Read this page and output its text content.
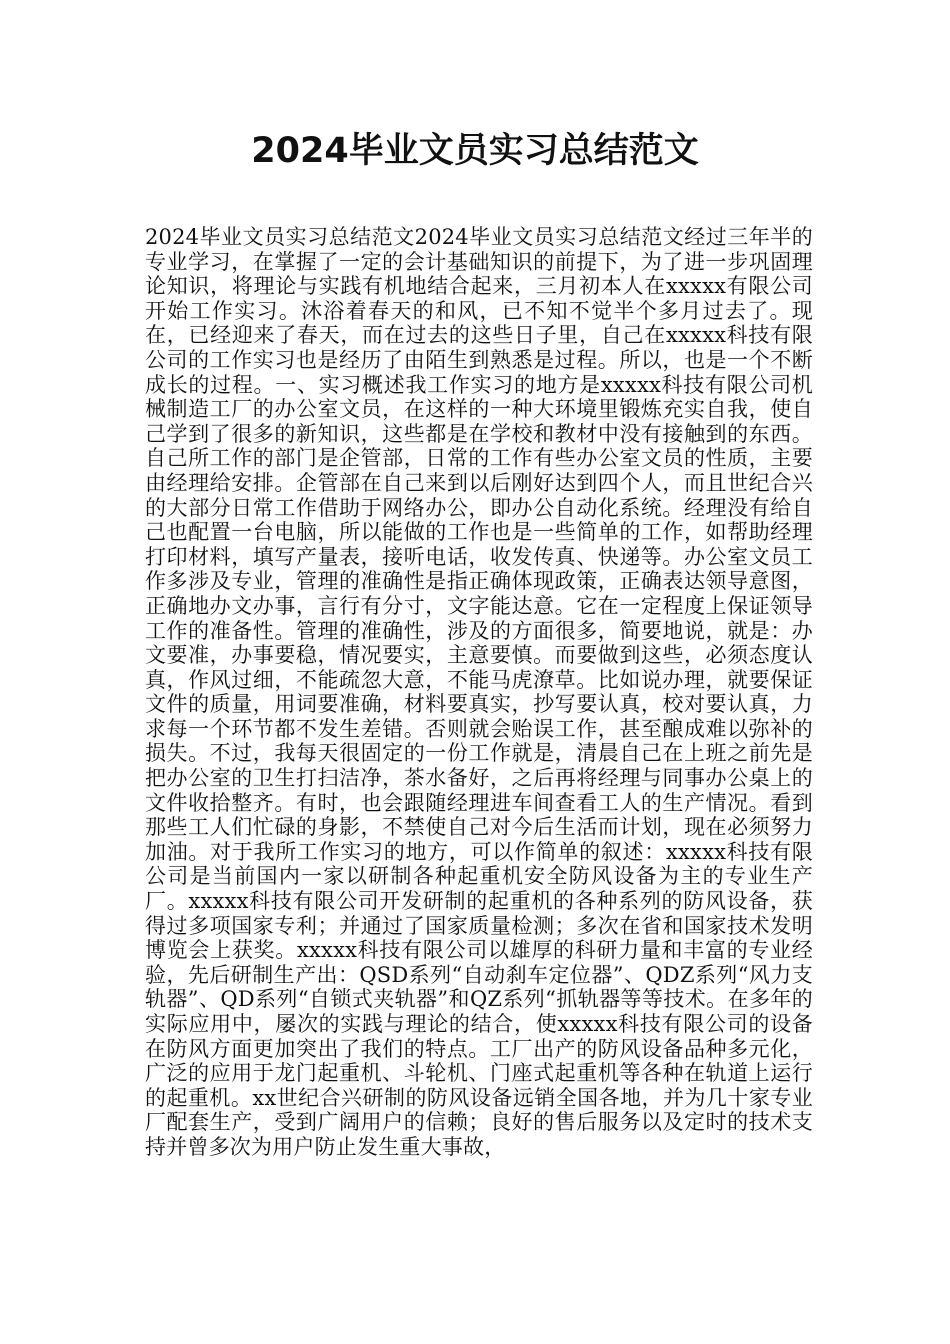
2024毕业文员实习总结范文

2024毕业文员实习总结范文2024毕业文员实习总结范文经过三年半的专业学习，在掌握了一定的会计基础知识的前提下，为了进一步巩固理论知识，将理论与实践有机地结合起来，三月初本人在xxxxx有限公司开始工作实习。沐浴着春天的和风，已不知不觉半个多月过去了。现在，已经迎来了春天，而在过去的这些日子里，自己在xxxxx科技有限公司的工作实习也是经历了由陌生到熟悉是过程。所以，也是一个不断成长的过程。一、实习概述我工作实习的地方是xxxxx科技有限公司机械制造工厂的办公室文员，在这样的一种大环境里锻炼充实自我，使自己学到了很多的新知识，这些都是在学校和教材中没有接触到的东西。自己所工作的部门是企管部，日常的工作有些办公室文员的性质，主要由经理给安排。企管部在自己来到以后刚好达到四个人，而且世纪合兴的大部分日常工作借助于网络办公，即办公自动化系统。经理没有给自己也配置一台电脑，所以能做的工作也是一些简单的工作，如帮助经理打印材料，填写产量表，接听电话，收发传真、快递等。办公室文员工作多涉及专业，管理的准确性是指正确体现政策，正确表达领导意图，正确地办文办事，言行有分寸，文字能达意。它在一定程度上保证领导工作的准备性。管理的准确性，涉及的方面很多，简要地说，就是：办文要准，办事要稳，情况要实，主意要慎。而要做到这些，必须态度认真，作风过细，不能疏忽大意，不能马虎潦草。比如说办理，就要保证文件的质量，用词要准确，材料要真实，抄写要认真，校对要认真，力求每一个环节都不发生差错。否则就会贻误工作，甚至酿成难以弥补的损失。不过，我每天很固定的一份工作就是，清晨自己在上班之前先是把办公室的卫生打扫洁净，茶水备好，之后再将经理与同事办公桌上的文件收拾整齐。有时，也会跟随经理进车间查看工人的生产情况。看到那些工人们忙碌的身影，不禁使自己对今后生活而计划，现在必须努力加油。对于我所工作实习的地方，可以作简单的叙述：xxxxx科技有限公司是当前国内一家以研制各种起重机安全防风设备为主的专业生产厂。xxxxx科技有限公司开发研制的起重机的各种系列的防风设备，获得过多项国家专利；并通过了国家质量检测；多次在省和国家技术发明博览会上获奖。xxxxx科技有限公司以雄厚的科研力量和丰富的专业经验，先后研制生产出：QSD系列“自动刹车定位器”、QDZ系列“风力支轨器”、QD系列“自锁式夹轨器”和QZ系列“抓轨器等等技术。在多年的实际应用中，屡次的实践与理论的结合，使xxxxx科技有限公司的设备在防风方面更加突出了我们的特点。工厂出产的防风设备品种多元化，广泛的应用于龙门起重机、斗轮机、门座式起重机等各种在轨道上运行的起重机。xx世纪合兴研制的防风设备远销全国各地，并为几十家专业厂配套生产，受到广阔用户的信赖；良好的售后服务以及定时的技术支持并曾多次为用户防止发生重大事故，
